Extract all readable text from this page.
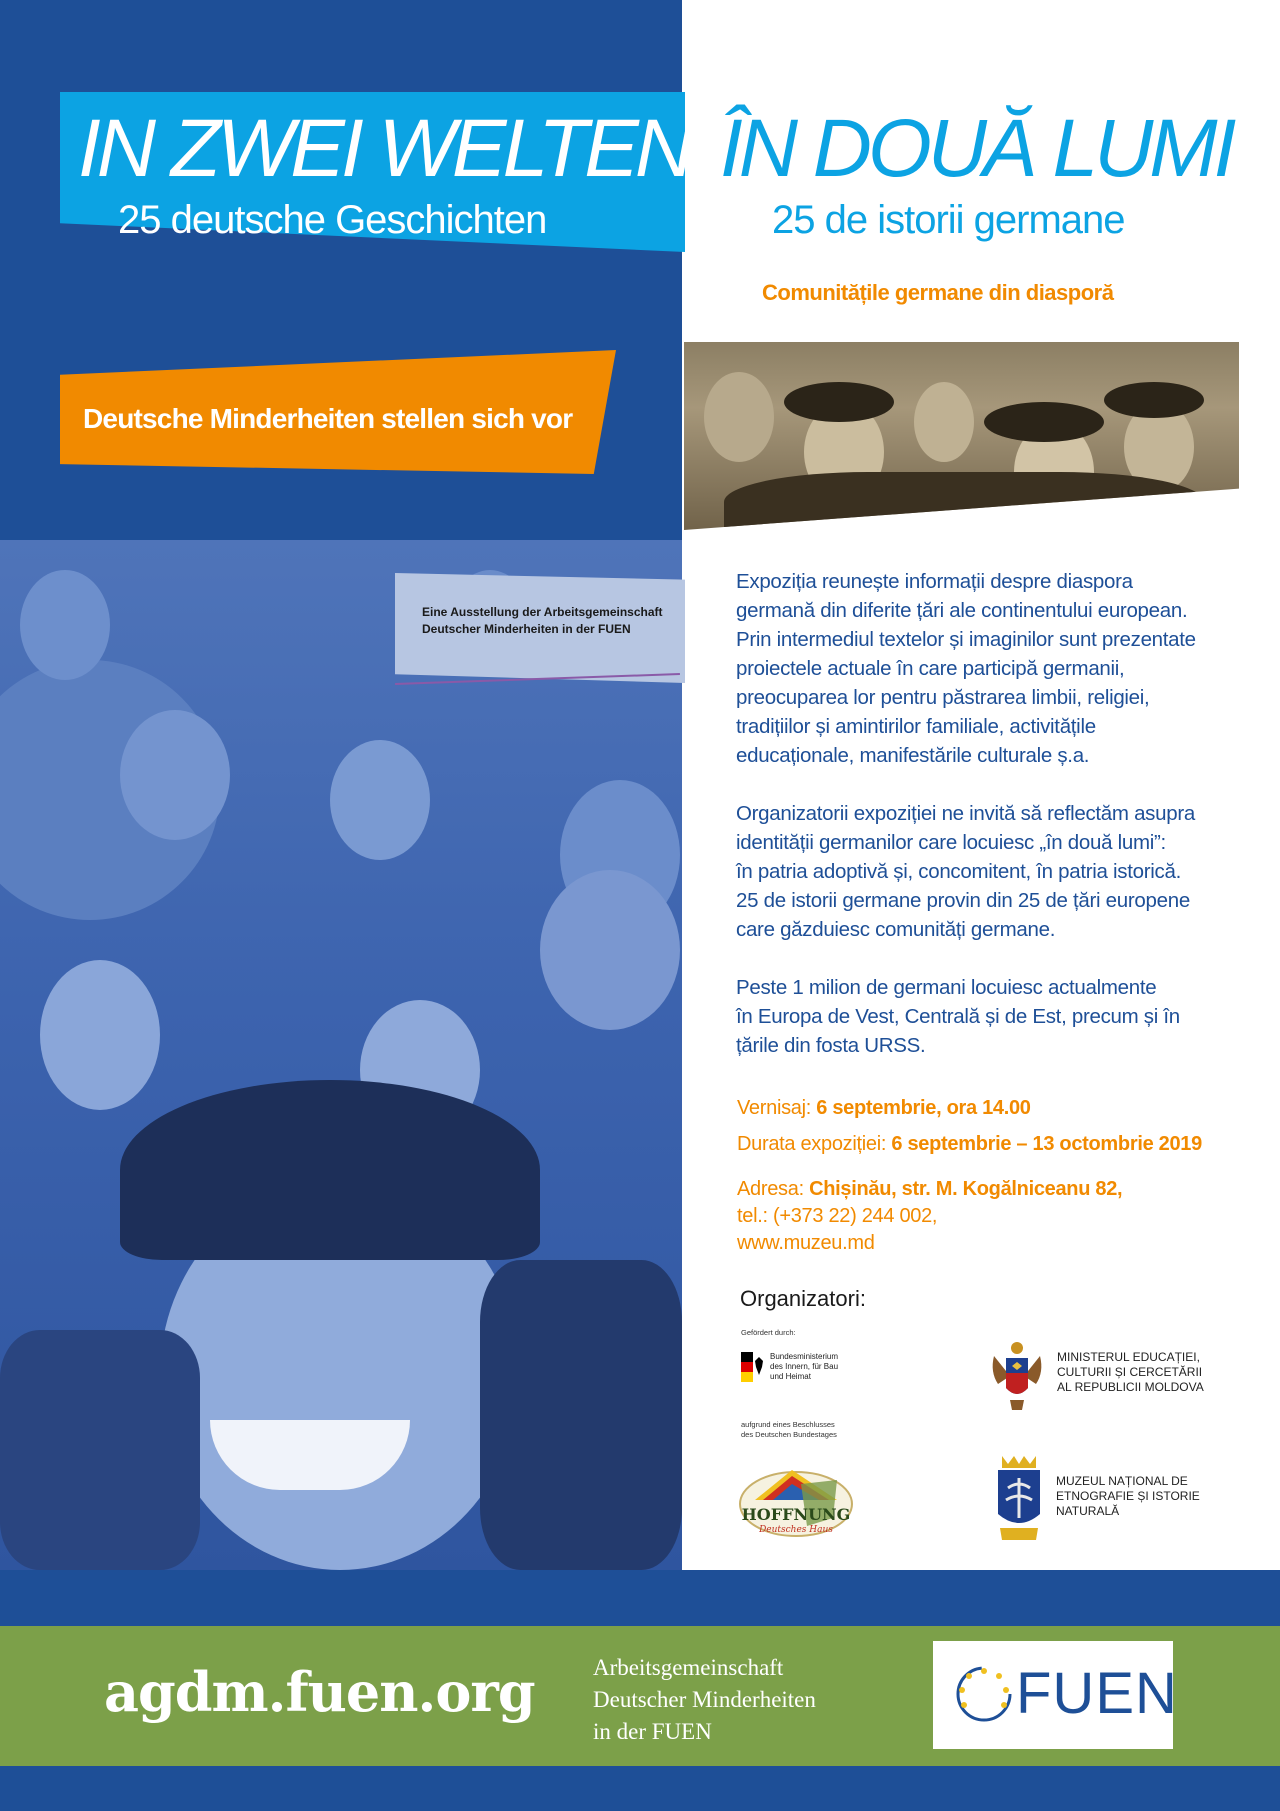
IN ZWEI WELTEN
25 deutsche Geschichten
Deutsche Minderheiten stellen sich vor
Eine Ausstellung der Arbeitsgemeinschaft
Deutscher Minderheiten in der FUEN
ÎN DOUĂ LUMI
25 de istorii germane
Comunitățile germane din diasporă
Expoziția reunește informații despre diaspora
germană din diferite țări ale continentului european.
Prin intermediul textelor și imaginilor sunt prezentate
proiectele actuale în care participă germanii,
preocuparea lor pentru păstrarea limbii, religiei,
tradițiilor și amintirilor familiale, activitățile
educaționale, manifestările culturale ș.a.
Organizatorii expoziției ne invită să reflectăm asupra
identității germanilor care locuiesc „în două lumi”:
în patria adoptivă și, concomitent, în patria istorică.
25 de istorii germane provin din 25 de țări europene
care găzduiesc comunități germane.
Peste 1 milion de germani locuiesc actualmente
în Europa de Vest, Centrală și de Est, precum și în
țările din fosta URSS.
Vernisaj: 6 septembrie, ora 14.00
Durata expoziției: 6 septembrie – 13 octombrie 2019
Adresa: Chișinău, str. M. Kogălniceanu 82,
tel.: (+373 22) 244 002,
www.muzeu.md
Organizatori:
Gefördert durch:
Bundesministerium
des Innern, für Bau
und Heimat
aufgrund eines Beschlusses
des Deutschen Bundestages
HOFFNUNG
Deutsches Haus
MINISTERUL EDUCAȚIEI,
CULTURII ȘI CERCETĂRII
AL REPUBLICII MOLDOVA
MUZEUL NAȚIONAL DE
ETNOGRAFIE ȘI ISTORIE
NATURALĂ
agdm.fuen.org	Arbeitsgemeinschaft
Deutscher Minderheiten
in der FUEN
FUEN
